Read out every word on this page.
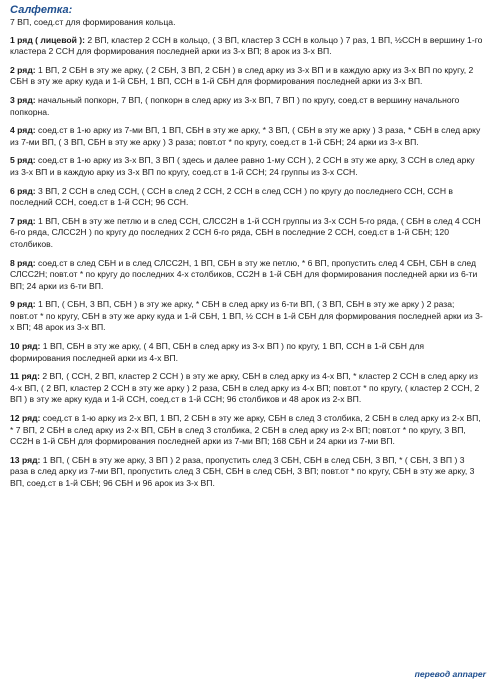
Салфетка:
7 ВП, соед.ст для формирования кольца.
1 ряд ( лицевой ): 2 ВП, кластер 2 ССН в кольцо, ( 3 ВП, кластер 3 ССН в кольцо ) 7 раз, 1 ВП, ½ССН в вершину 1-го кластера 2 ССН для формирования последней арки из 3-х ВП; 8 арок из 3-х ВП.
2 ряд: 1 ВП, 2 СБН в эту же арку, ( 2 СБН, 3 ВП, 2 СБН ) в след арку из 3-х ВП и в каждую арку из 3-х ВП по кругу, 2 СБН в эту же арку куда и 1-й СБН, 1 ВП, ССН в 1-й СБН для формирования последней арки из 3-х ВП.
3 ряд: начальный попкорн, 7 ВП, ( попкорн в след арку из 3-х ВП, 7 ВП ) по кругу, соед.ст в вершину начального попкорна.
4 ряд: соед.ст в 1-ю арку из 7-ми ВП, 1 ВП, СБН в эту же арку, * 3 ВП, ( СБН в эту же арку ) 3 раза, * СБН в след арку из 7-ми ВП, ( 3 ВП, СБН в эту же арку ) 3 раза; повт.от * по кругу, соед.ст в 1-й СБН; 24 арки из 3-х ВП.
5 ряд: соед.ст в 1-ю арку из 3-х ВП, 3 ВП ( здесь и далее равно 1-му ССН ), 2 ССН в эту же арку, 3 ССН в след арку из 3-х ВП и в каждую арку из 3-х ВП по кругу, соед.ст в 1-й ССН; 24 группы из 3-х ССН.
6 ряд: 3 ВП, 2 ССН в след ССН, ( ССН в след 2 ССН, 2 ССН в след ССН ) по кругу до последнего ССН, ССН в последний ССН, соед.ст в 1-й ССН; 96 ССН.
7 ряд: 1 ВП, СБН в эту же петлю и в след ССН, СЛСС2Н в 1-й ССН группы из 3-х ССН 5-го ряда, ( СБН в след 4 ССН 6-го ряда, СЛСС2Н ) по кругу до последних 2 ССН 6-го ряда, СБН в последние 2 ССН, соед.ст в 1-й СБН; 120 столбиков.
8 ряд: соед.ст в след СБН и в след СЛСС2Н, 1 ВП, СБН в эту же петлю, * 6 ВП, пропустить след 4 СБН, СБН в след СЛСС2Н; повт.от * по кругу до последних 4-х столбиков, СС2Н в 1-й СБН для формирования последней арки из 6-ти ВП; 24 арки из 6-ти ВП.
9 ряд: 1 ВП, ( СБН, 3 ВП, СБН ) в эту же арку, * СБН в след арку из 6-ти ВП, ( 3 ВП, СБН в эту же арку ) 2 раза; повт.от * по кругу, СБН в эту же арку куда и 1-й СБН, 1 ВП, ½ ССН в 1-й СБН для формирования последней арки из 3-х ВП; 48 арок из 3-х ВП.
10 ряд: 1 ВП, СБН в эту же арку, ( 4 ВП, СБН в след арку из 3-х ВП ) по кругу, 1 ВП, ССН в 1-й СБН для формирования последней арки из 4-х ВП.
11 ряд: 2 ВП, ( ССН, 2 ВП, кластер 2 ССН ) в эту же арку, СБН в след арку из 4-х ВП, * кластер 2 ССН в след арку из 4-х ВП, ( 2 ВП, кластер 2 ССН в эту же арку ) 2 раза, СБН в след арку из 4-х ВП; повт.от * по кругу, ( кластер 2 ССН, 2 ВП ) в эту же арку куда и 1-й ССН, соед.ст в 1-й ССН; 96 столбиков и 48 арок из 2-х ВП.
12 ряд: соед.ст в 1-ю арку из 2-х ВП, 1 ВП, 2 СБН в эту же арку, СБН в след 3 столбика, 2 СБН в след арку из 2-х ВП, * 7 ВП, 2 СБН в след арку из 2-х ВП, СБН в след 3 столбика, 2 СБН в след арку из 2-х ВП; повт.от * по кругу, 3 ВП, СС2Н в 1-й СБН для формирования последней арки из 7-ми ВП; 168 СБН и 24 арки из 7-ми ВП.
13 ряд: 1 ВП, ( СБН в эту же арку, 3 ВП ) 2 раза, пропустить след 3 СБН, СБН в след СБН, 3 ВП, * ( СБН, 3 ВП ) 3 раза в след арку из 7-ми ВП, пропустить след 3 СБН, СБН в след СБН, 3 ВП; повт.от * по кругу, СБН в эту же арку, 3 ВП, соед.ст в 1-й СБН; 96 СБН и 96 арок из 3-х ВП.
перевод annaper
